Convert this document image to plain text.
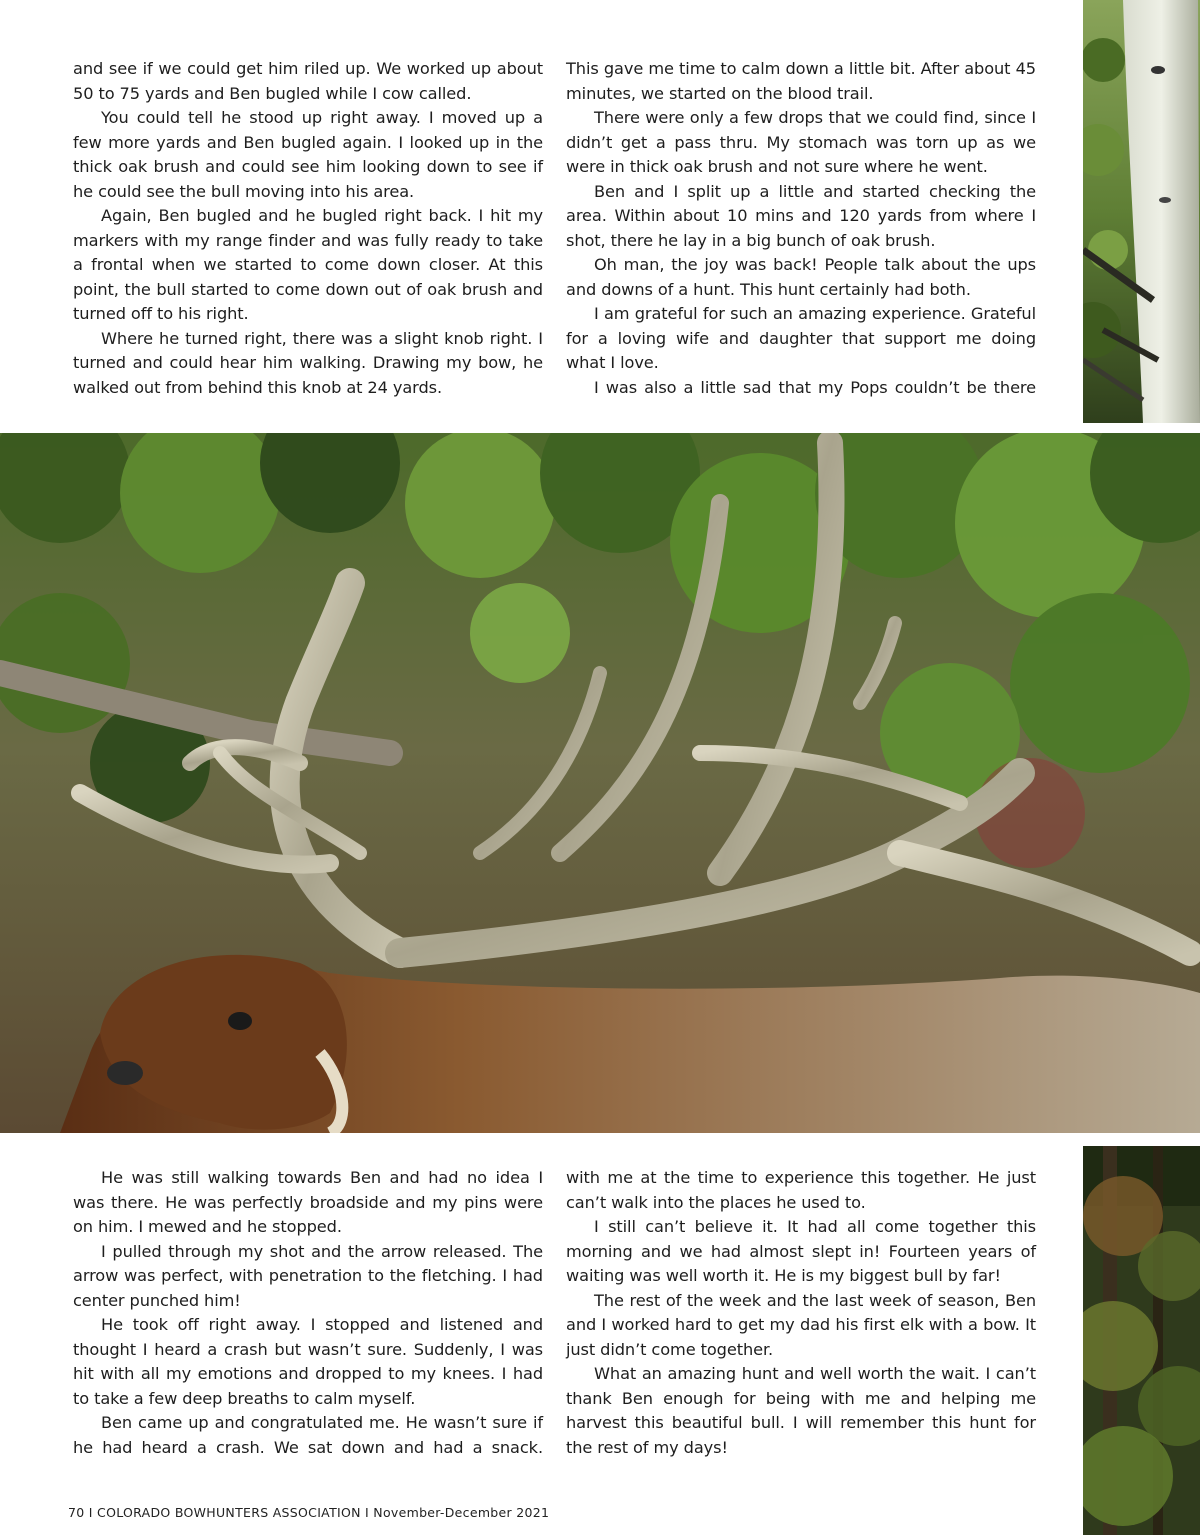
and see if we could get him riled up. We worked up about 50 to 75 yards and Ben bugled while I cow called.

You could tell he stood up right away. I moved up a few more yards and Ben bugled again. I looked up in the thick oak brush and could see him looking down to see if he could see the bull moving into his area.

Again, Ben bugled and he bugled right back. I hit my markers with my range finder and was fully ready to take a frontal when we started to come down closer. At this point, the bull started to come down out of oak brush and turned off to his right.

Where he turned right, there was a slight knob right. I turned and could hear him walking. Drawing my bow, he walked out from behind this knob at 24 yards.

This gave me time to calm down a little bit. After about 45 minutes, we started on the blood trail.

There were only a few drops that we could find, since I didn’t get a pass thru. My stomach was torn up as we were in thick oak brush and not sure where he went.

Ben and I split up a little and started checking the area. Within about 10 mins and 120 yards from where I shot, there he lay in a big bunch of oak brush.

Oh man, the joy was back! People talk about the ups and downs of a hunt. This hunt certainly had both.

I am grateful for such an amazing experience. Grateful for a loving wife and daughter that support me doing what I love.

I was also a little sad that my Pops couldn’t be there

He was still walking towards Ben and had no idea I was there. He was perfectly broadside and my pins were on him. I mewed and he stopped.

I pulled through my shot and the arrow released. The arrow was perfect, with penetration to the fletching. I had center punched him!

He took off right away. I stopped and listened and thought I heard a crash but wasn’t sure. Suddenly, I was hit with all my emotions and dropped to my knees. I had to take a few deep breaths to calm myself.

Ben came up and congratulated me. He wasn’t sure if he had heard a crash. We sat down and had a snack.

with me at the time to experience this together. He just can’t walk into the places he used to.

I still can’t believe it. It had all come together this morning and we had almost slept in! Fourteen years of waiting was well worth it. He is my biggest bull by far!

The rest of the week and the last week of season, Ben and I worked hard to get my dad his first elk with a bow. It just didn’t come together.

What an amazing hunt and well worth the wait. I can’t thank Ben enough for being with me and helping me harvest this beautiful bull. I will remember this hunt for the rest of my days!

70 I COLORADO BOWHUNTERS ASSOCIATION I November-December 2021
